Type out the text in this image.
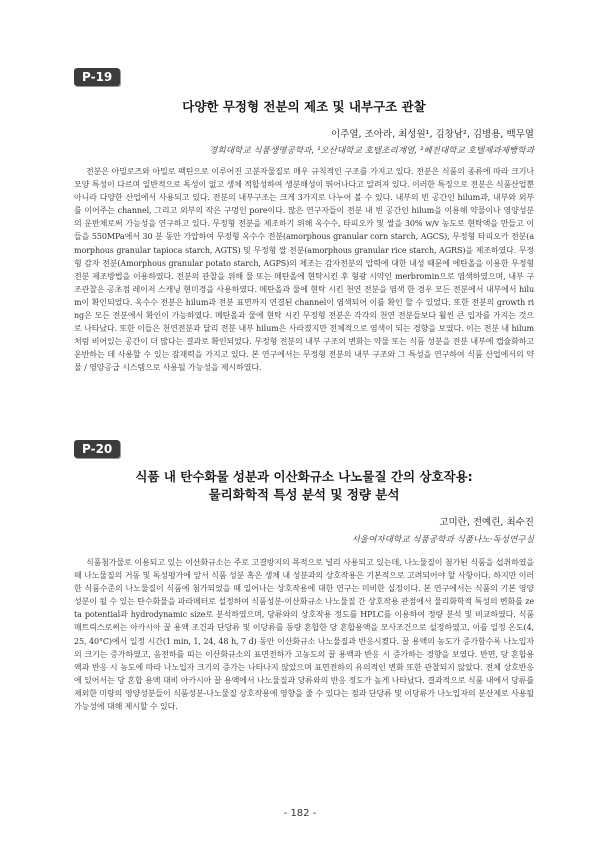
P-19
다양한 무정형 전분의 제조 및 내부구조 관찰

이주열, 조아라, 최성원¹, 김창남², 김병용, 백무열

경희대학교 식품생명공학과, ¹오산대학교 호텔조리계열, ²혜전대학교 호텔제과제빵학과

전분은 아밀로즈와 아밀로 펙틴으로 이루어진 고분자물질로 매우 규칙적인 구조를 가지고 있다. 전분은 식품의 종류에 따라 크기나 모양 특성이 다르며 일반적으로 독성이 없고 생체 적합성하여 생분해성이 뛰어나다고 알려져 있다. 이러한 특징으로 전분은 식품산업뿐 아니라 다양한 산업에서 사용되고 있다. 전분의 내부구조는 크게 3가지로 나누어 볼 수 있다. 내부의 빈 공간인 hilum과, 내부와 외부를 이어주는 channel, 그리고 외부의 작은 구멍인 pore이다. 많은 연구자들이 전분 내 빈 공간인 hilum을 이용해 약물이나 영양성분의 운반체로써 가능성을 연구하고 있다. 무정형 전분을 제조하기 위해 옥수수, 타피오카 및 쌀을 30% w/v 농도로 현탁액을 만들고 이들을 550MPa에서 30 분 동안 가압하여 무정형 옥수수 전분(amorphous granular corn starch, AGCS), 무정형 타피오카 전분(amorphous granular tapioca starch, AGTS) 및 무정형 쌀 전분(amorphous granular rice starch, AGRS)을 제조하였다. 무정형 감자 전분(Amorphous granular potato starch, AGPS)의 제조는 감자전분의 압력에 대한 내성 때문에 에탄올을 이용한 무정형 전분 제조방법을 이용하였다. 전분의 관찰을 위해 물 또는 메탄올에 현탁시킨 후 형광 시약인 merbromin으로 염색하였으며, 내부 구조관찰은 공초점 레이저 스캐닝 현미경을 사용하였다. 메탄올과 물에 현탁 시킨 천연 전분을 염색 한 경우 모든 전분에서 내부에서 hilum이 확인되었다. 옥수수 전분은 hilum과 전분 표면까지 연결된 channel이 염색되어 이를 확인 할 수 있었다. 또한 전분의 growth ring은 모든 전분에서 확인이 가능하였다. 메탄올과 물에 현탁 시킨 무정형 전분은 각각의 천연 전분들보다 훨씬 큰 입자를 가지는 것으로 나타났다. 또한 이들은 천연전분과 달리 전분 내부 hilum은 사라졌지만 전체적으로 염색이 되는 경향을 보였다. 이는 전분 내 hilum처럼 비어있는 공간이 더 많다는 결과로 확인되었다. 무정형 전분의 내부 구조의 변화는 약물 또는 식품 성분을 전분 내부에 캡슐화하고 운반하는 데 사용할 수 있는 잠재력을 가지고 있다. 본 연구에서는 무정형 전분의 내부 구조와 그 특성을 연구하여 식품 산업에서의 약물 / 영양공급 시스템으로 사용될 가능성을 제시하였다.

P-20
식품 내 탄수화물 성분과 이산화규소 나노물질 간의 상호작용:
물리화학적 특성 분석 및 정량 분석

고미란, 전예린, 최수진

서울여자대학교 식품공학과 식품나노·독성연구실

식품첨가물로 이용되고 있는 이산화규소는 주로 고결방지의 목적으로 널리 사용되고 있는데, 나노물질이 첨가된 식품을 섭취하였을 때 나노물질의 거동 및 독성평가에 앞서 식품 성분 혹은 생체 내 성분과의 상호작용은 기본적으로 고려되어야 할 사항이다. 하지만 이러한 식품수준의 나노물질이 식품에 첨가되었을 때 일어나는 상호작용에 대한 연구는 미비한 실정이다. 본 연구에서는 식품의 기본 영양 성분이 될 수 있는 탄수화물을 파라메터로 설정하여 식품성분-이산화규소 나노물질 간 상호작용 관점에서 물리화학적 특성의 변화를 zeta potential과 hydrodynamic size로 분석하였으며, 당류와의 상호작용 정도를 HPLC를 이용하여 정량 분석 및 비교하였다. 식품 매트릭스로써는 아카시아 꿀 용액 조건과 단당류 및 이당류를 동량 혼합한 당 혼합용액을 모사조건으로 설정하였고, 이를 일정 온도(4, 25, 40°C)에서 일정 시간(1 min, 1, 24, 48 h, 7 d) 동안 이산화규소 나노물질과 반응시켰다. 꿀 용액의 농도가 증가함수록 나노입자의 크기는 증가하였고, 음전하를 띠는 이산화규소의 표면전하가 고농도의 꿀 용액과 반응 시 증가하는 경향을 보였다. 반면, 당 혼합용액과 반응 시 농도에 따라 나노입자 크기의 증가는 나타나지 않았으며 표면전하의 유의적인 변화 또한 관찰되지 않았다. 전체 상호반응에 있어서는 당 혼합 용액 대비 아카시아 꿀 용액에서 나노물질과 당류와의 반응 정도가 높게 나타났다. 결과적으로 식품 내에서 당류를 제외한 미량의 영양성분들이 식품성분-나노물질 상호작용에 영향을 줄 수 있다는 점과 단당류 및 이당류가 나노입자의 분산제로 사용될 가능성에 대해 제시할 수 있다.

- 182 -
